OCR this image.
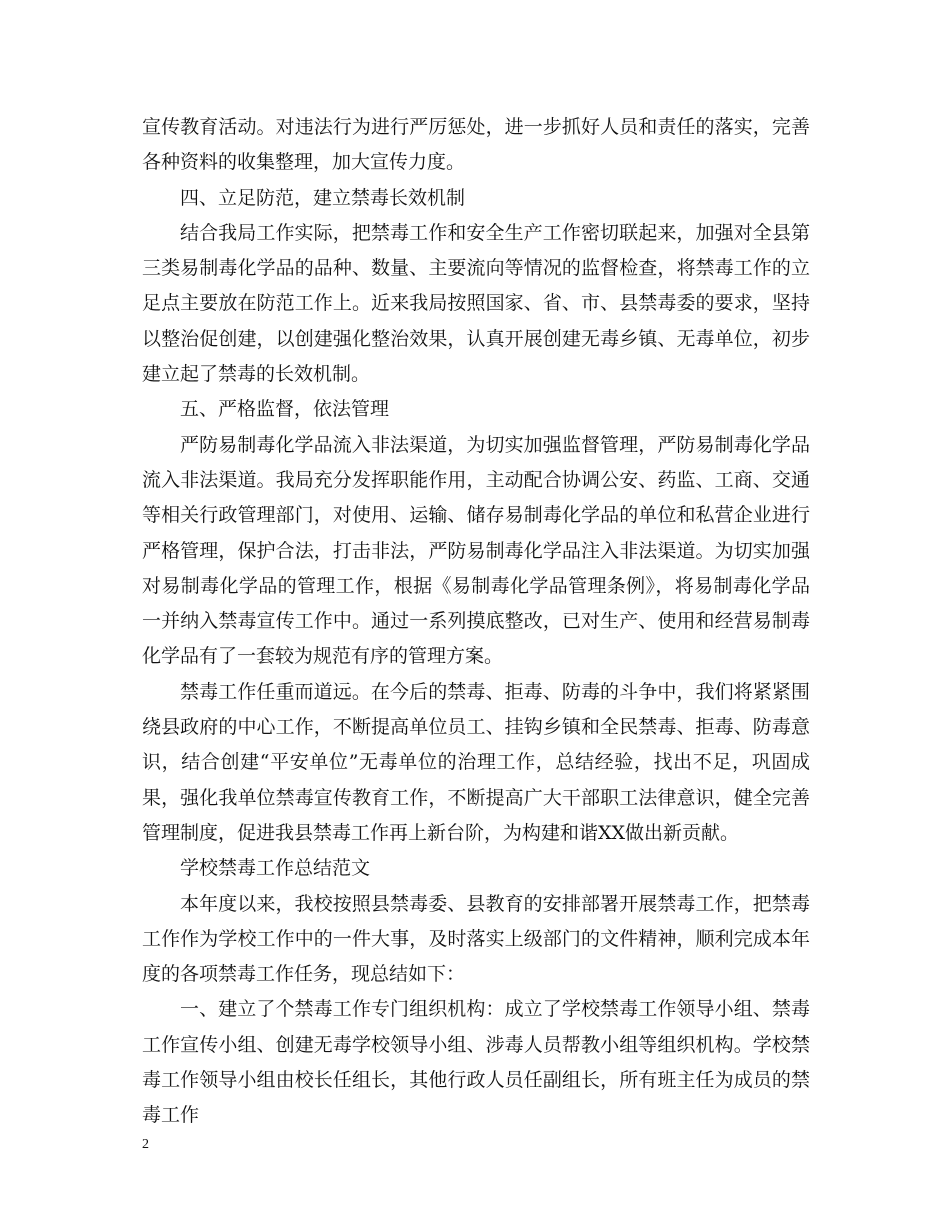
宣传教育活动。对违法行为进行严厉惩处，进一步抓好人员和责任的落实，完善各种资料的收集整理，加大宣传力度。

四、立足防范，建立禁毒长效机制

结合我局工作实际，把禁毒工作和安全生产工作密切联起来，加强对全县第三类易制毒化学品的品种、数量、主要流向等情况的监督检查，将禁毒工作的立足点主要放在防范工作上。近来我局按照国家、省、市、县禁毒委的要求，坚持以整治促创建，以创建强化整治效果，认真开展创建无毒乡镇、无毒单位，初步建立起了禁毒的长效机制。

五、严格监督，依法管理

严防易制毒化学品流入非法渠道，为切实加强监督管理，严防易制毒化学品流入非法渠道。我局充分发挥职能作用，主动配合协调公安、药监、工商、交通等相关行政管理部门，对使用、运输、储存易制毒化学品的单位和私营企业进行严格管理，保护合法，打击非法，严防易制毒化学品注入非法渠道。为切实加强对易制毒化学品的管理工作，根据《易制毒化学品管理条例》，将易制毒化学品一并纳入禁毒宣传工作中。通过一系列摸底整改，已对生产、使用和经营易制毒化学品有了一套较为规范有序的管理方案。

禁毒工作任重而道远。在今后的禁毒、拒毒、防毒的斗争中，我们将紧紧围绕县政府的中心工作，不断提高单位员工、挂钩乡镇和全民禁毒、拒毒、防毒意识，结合创建“平安单位”无毒单位的治理工作，总结经验，找出不足，巩固成果，强化我单位禁毒宣传教育工作，不断提高广大干部职工法律意识，健全完善管理制度，促进我县禁毒工作再上新台阶，为构建和谐XX做出新贡献。

学校禁毒工作总结范文

本年度以来，我校按照县禁毒委、县教育的安排部署开展禁毒工作，把禁毒工作作为学校工作中的一件大事，及时落实上级部门的文件精神，顺利完成本年度的各项禁毒工作任务，现总结如下：

一、建立了个禁毒工作专门组织机构：成立了学校禁毒工作领导小组、禁毒工作宣传小组、创建无毒学校领导小组、涉毒人员帮教小组等组织机构。学校禁毒工作领导小组由校长任组长，其他行政人员任副组长，所有班主任为成员的禁毒工作

2
